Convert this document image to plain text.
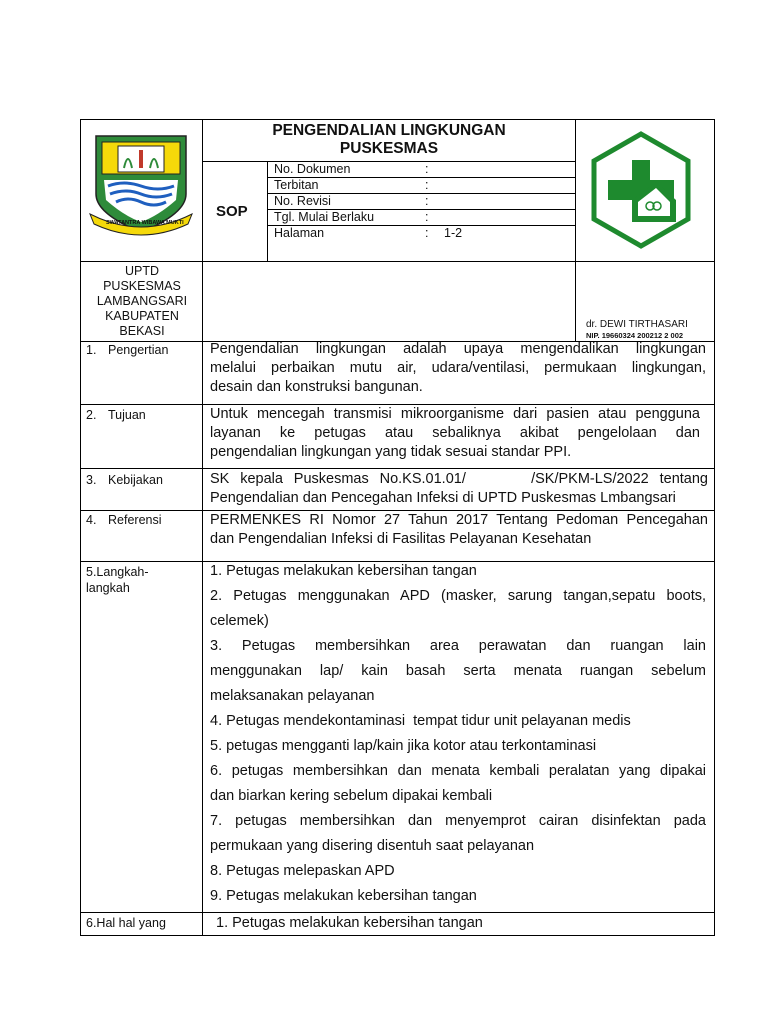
SWATANTRA WIBAWA MUKTI
PENGENDALIAN LINGKUNGAN
PUSKESMAS
SOP
No. Dokumen	:
Terbitan	:
No. Revisi	:
Tgl. Mulai Berlaku	:
Halaman	: 1-2
UPTD
PUSKESMAS
LAMBANGSARI
KABUPATEN
BEKASI	dr. DEWI TIRTHASARI
NIP. 19660324 200212 2 002
1. Pengertian	Pengendalian lingkungan adalah upaya mengendalikan lingkungan
melalui perbaikan mutu air, udara/ventilasi, permukaan lingkungan,
desain dan konstruksi bangunan.
2. Tujuan	Untuk mencegah transmisi mikroorganisme dari pasien atau pengguna
layanan ke petugas atau sebaliknya akibat pengelolaan dan
pengendalian lingkungan yang tidak sesuai standar PPI.
3. Kebijakan	SK kepala Puskesmas No.KS.01.01/      /SK/PKM-LS/2022 tentang
Pengendalian dan Pencegahan Infeksi di UPTD Puskesmas Lmbangsari
4. Referensi	PERMENKES RI Nomor 27 Tahun 2017 Tentang Pedoman Pencegahan
dan Pengendalian Infeksi di Fasilitas Pelayanan Kesehatan
5.Langkah-
langkah
1. Petugas melakukan kebersihan tangan
2. Petugas menggunakan APD (masker, sarung tangan,sepatu boots,
celemek)
3. Petugas membersihkan area perawatan dan ruangan lain
menggunakan lap/ kain basah serta menata ruangan sebelum
melaksanakan pelayanan
4. Petugas mendekontaminasi  tempat tidur unit pelayanan medis
5. petugas mengganti lap/kain jika kotor atau terkontaminasi
6. petugas membersihkan dan menata kembali peralatan yang dipakai
dan biarkan kering sebelum dipakai kembali
7. petugas membersihkan dan menyemprot cairan disinfektan pada
permukaan yang disering disentuh saat pelayanan
8. Petugas melepaskan APD
9. Petugas melakukan kebersihan tangan
6.Hal hal yang	1. Petugas melakukan kebersihan tangan
